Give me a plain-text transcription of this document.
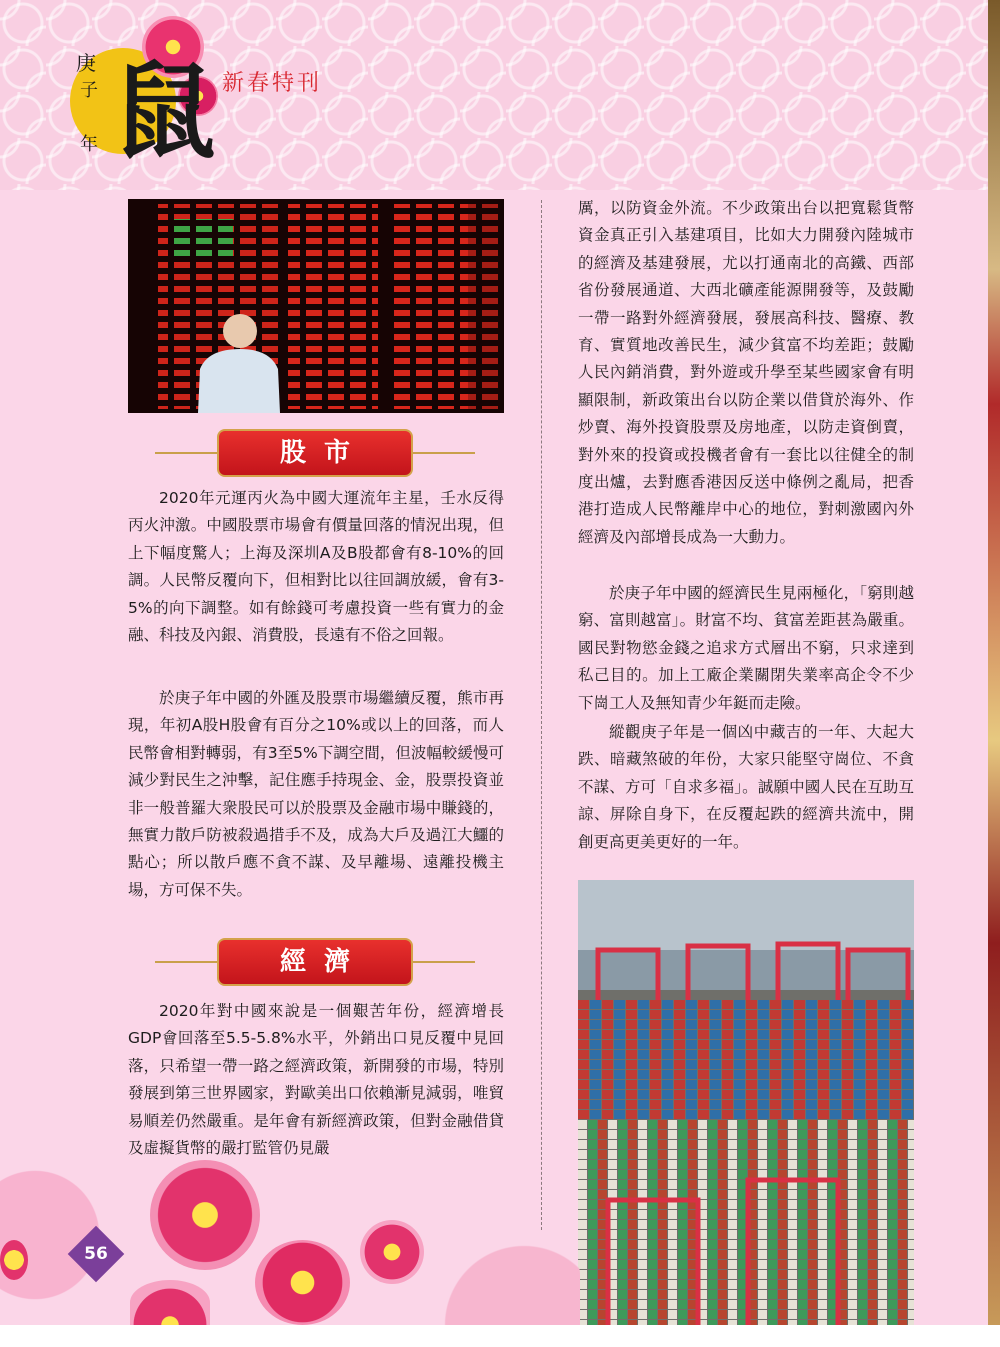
庚
子
年 鼠 新春特刊
股市

2020年元運丙火為中國大運流年主星，壬水反得丙火沖激。中國股票市場會有價量回落的情況出現，但上下幅度驚人；上海及深圳A及B股都會有8-10%的回調。人民幣反覆向下，但相對比以往回調放緩，會有3-5%的向下調整。如有餘錢可考慮投資一些有實力的金融、科技及內銀、消費股，長遠有不俗之回報。

於庚子年中國的外匯及股票市場繼續反覆，熊市再現，年初A股H股會有百分之10%或以上的回落，而人民幣會相對轉弱，有3至5%下調空間，但波幅較緩慢可減少對民生之沖擊，記住應手持現金、金，股票投資並非一般普羅大衆股民可以於股票及金融市場中賺錢的，無實力散戶防被殺過措手不及，成為大戶及過江大鱷的點心；所以散戶應不貪不謀、及早離場、遠離投機主場，方可保不失。

經濟

2020年對中國來說是一個艱苦年份，經濟增長GDP會回落至5.5-5.8%水平，外銷出口見反覆中見回落，只希望一帶一路之經濟政策，新開發的市場，特別發展到第三世界國家，對歐美出口依賴漸見減弱，唯貿易順差仍然嚴重。是年會有新經濟政策，但對金融借貸及虛擬貨幣的嚴打監管仍見嚴

厲，以防資金外流。不少政策出台以把寬鬆貨幣資金真正引入基建項目，比如大力開發內陸城市的經濟及基建發展，尤以打通南北的高鐵、西部省份發展通道、大西北礦產能源開發等，及鼓勵一帶一路對外經濟發展，發展高科技、醫療、教育、實質地改善民生，減少貧富不均差距；鼓勵人民內銷消費，對外遊或升學至某些國家會有明顯限制，新政策出台以防企業以借貸於海外、作炒賣、海外投資股票及房地產，以防走資倒賣，對外來的投資或投機者會有一套比以往健全的制度出爐，去對應香港因反送中條例之亂局，把香港打造成人民幣離岸中心的地位，對刺激國內外經濟及內部增長成為一大動力。

於庚子年中國的經濟民生見兩極化，「窮則越窮、富則越富」。財富不均、貧富差距甚為嚴重。國民對物慾金錢之追求方式層出不窮，只求達到私己目的。加上工廠企業關閉失業率高企令不少下崗工人及無知青少年鋌而走險。

縱觀庚子年是一個凶中藏吉的一年、大起大跌、暗藏煞破的年份，大家只能堅守崗位、不貪不謀、方可「自求多福」。誠願中國人民在互助互諒、屏除自身下，在反覆起跌的經濟共流中，開創更高更美更好的一年。

56
